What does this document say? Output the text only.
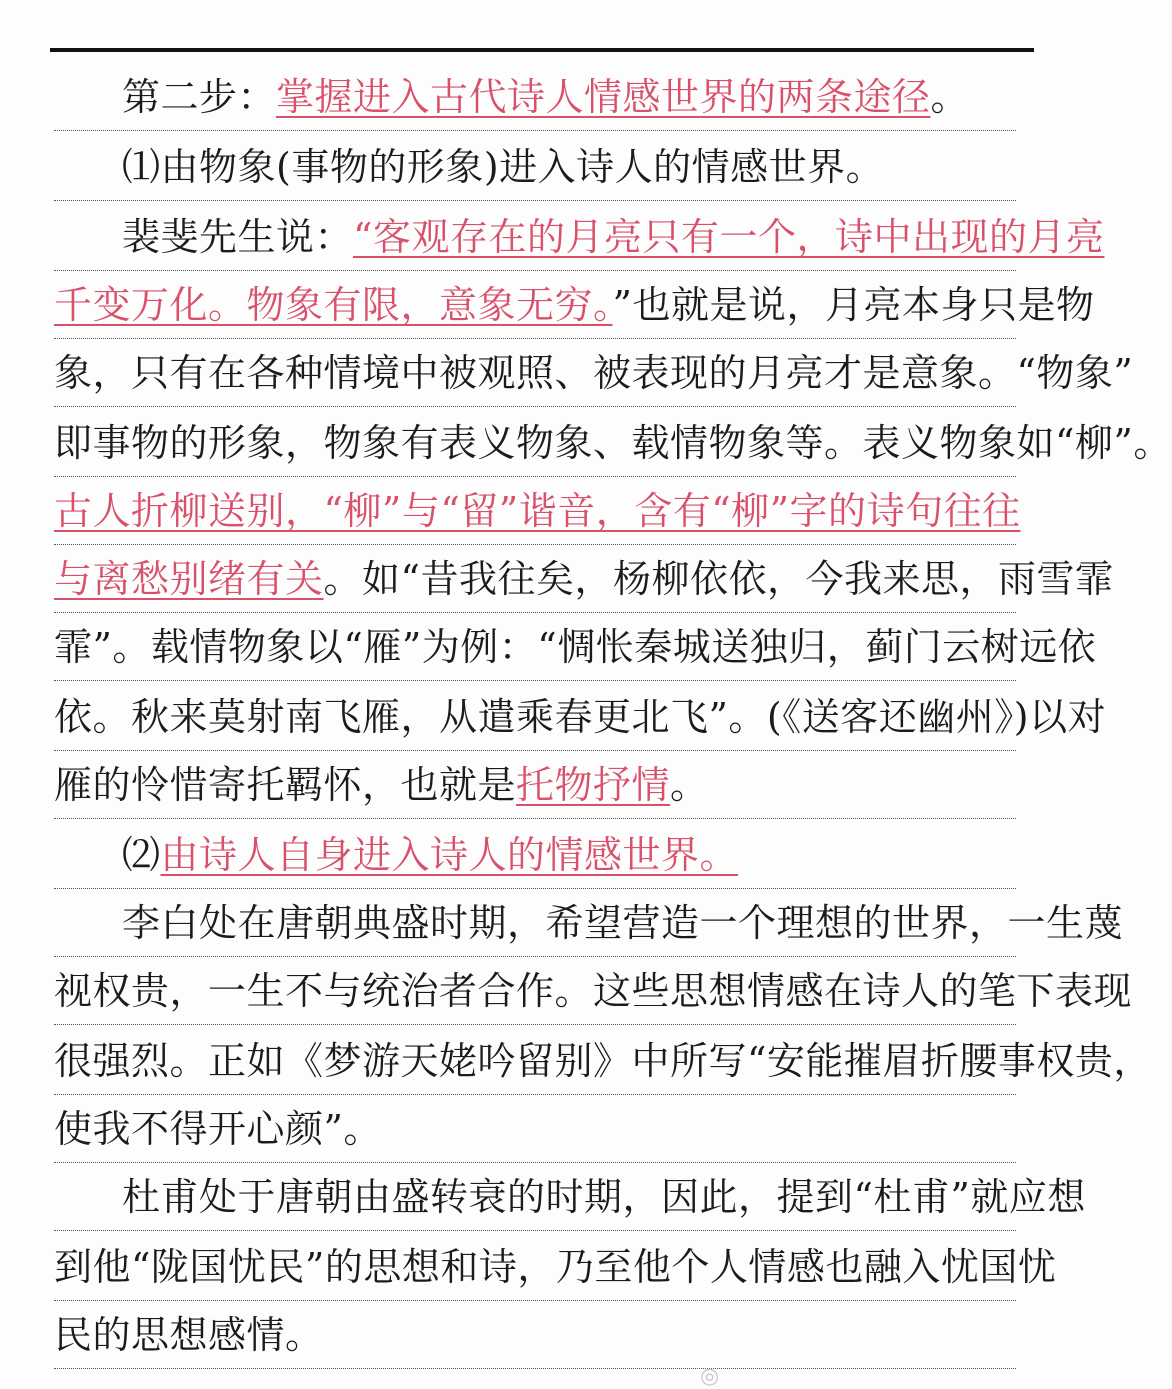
第二步：掌握进入古代诗人情感世界的两条途径。
⑴由物象(事物的形象)进入诗人的情感世界。
裴斐先生说：“客观存在的月亮只有一个，诗中出现的月亮
千变万化。物象有限，意象无穷。”也就是说，月亮本身只是物
象，只有在各种情境中被观照、被表现的月亮才是意象。“物象”
即事物的形象，物象有表义物象、载情物象等。表义物象如“柳”。
古人折柳送别，“柳”与“留”谐音，含有“柳”字的诗句往往
与离愁别绪有关。如“昔我往矣，杨柳依依，今我来思，雨雪霏
霏”。载情物象以“雁”为例：“惆怅秦城送独归，蓟门云树远依
依。秋来莫射南飞雁，从遣乘春更北飞”。(《送客还幽州》)以对
雁的怜惜寄托羁怀，也就是托物抒情。
⑵由诗人自身进入诗人的情感世界。
李白处在唐朝典盛时期，希望营造一个理想的世界，一生蔑
视权贵，一生不与统治者合作。这些思想情感在诗人的笔下表现
很强烈。正如《梦游天姥吟留别》中所写“安能摧眉折腰事权贵，
使我不得开心颜”。
杜甫处于唐朝由盛转衰的时期，因此，提到“杜甫”就应想
到他“陇国忧民”的思想和诗，乃至他个人情感也融入忧国忧
民的思想感情。
◎
